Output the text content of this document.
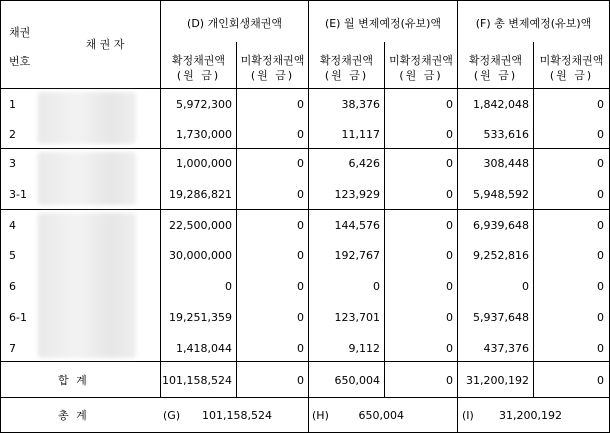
채권
번호
채 권 자
(D) 개인회생채권액	(E) 월 변제예정(유보)액	(F) 총 변제예정(유보)액
확정채권액
(원 금)
미확정채권액
(원 금)
확정채권액
(원 금)
미확정채권액
(원 금)
확정채권액
(원 금)
미확정채권액
(원 금)
1	5,972,300	0	38,376	0	1,842,048	0
2	1,730,000	0	11,117	0	533,616	0
3	1,000,000	0	6,426	0	308,448	0
3-1	19,286,821	0	123,929	0	5,948,592	0
4	22,500,000	0	144,576	0	6,939,648	0
5	30,000,000	0	192,767	0	9,252,816	0
6	0	0	0	0	0	0
6-1	19,251,359	0	123,701	0	5,937,648	0
7	1,418,044	0	9,112	0	437,376	0
합 계	101,158,524	0	650,004	0	31,200,192	0
총 계	(G)	101,158,524	(H)	650,004	(I)	31,200,192
